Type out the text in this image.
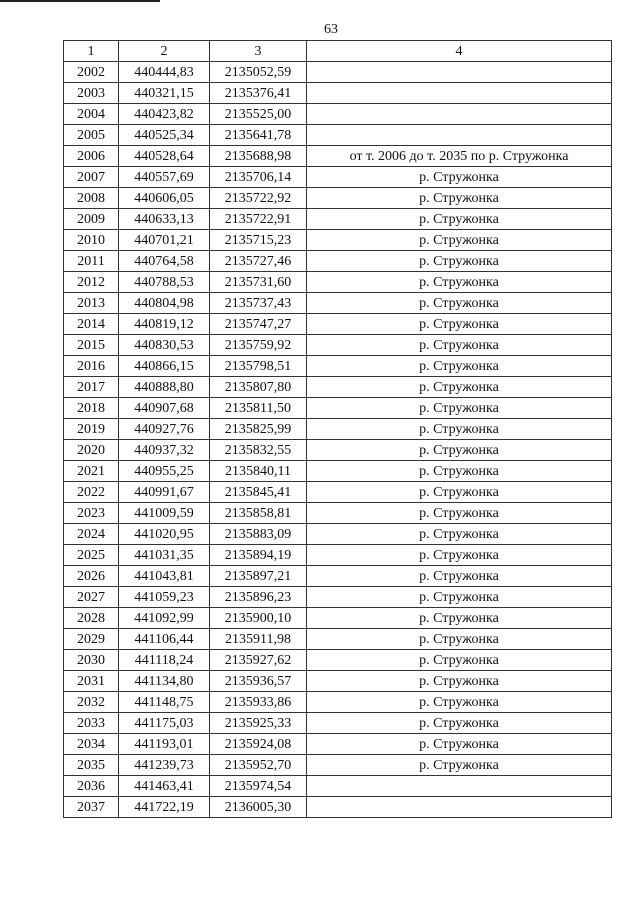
63
1	2	3	4
2002	440444,83	2135052,59	
2003	440321,15	2135376,41	
2004	440423,82	2135525,00	
2005	440525,34	2135641,78	
2006	440528,64	2135688,98	от т. 2006 до т. 2035 по р. Стружонка
2007	440557,69	2135706,14	р. Стружонка
2008	440606,05	2135722,92	р. Стружонка
2009	440633,13	2135722,91	р. Стружонка
2010	440701,21	2135715,23	р. Стружонка
2011	440764,58	2135727,46	р. Стружонка
2012	440788,53	2135731,60	р. Стружонка
2013	440804,98	2135737,43	р. Стружонка
2014	440819,12	2135747,27	р. Стружонка
2015	440830,53	2135759,92	р. Стружонка
2016	440866,15	2135798,51	р. Стружонка
2017	440888,80	2135807,80	р. Стружонка
2018	440907,68	2135811,50	р. Стружонка
2019	440927,76	2135825,99	р. Стружонка
2020	440937,32	2135832,55	р. Стружонка
2021	440955,25	2135840,11	р. Стружонка
2022	440991,67	2135845,41	р. Стружонка
2023	441009,59	2135858,81	р. Стружонка
2024	441020,95	2135883,09	р. Стружонка
2025	441031,35	2135894,19	р. Стружонка
2026	441043,81	2135897,21	р. Стружонка
2027	441059,23	2135896,23	р. Стружонка
2028	441092,99	2135900,10	р. Стружонка
2029	441106,44	2135911,98	р. Стружонка
2030	441118,24	2135927,62	р. Стружонка
2031	441134,80	2135936,57	р. Стружонка
2032	441148,75	2135933,86	р. Стружонка
2033	441175,03	2135925,33	р. Стружонка
2034	441193,01	2135924,08	р. Стружонка
2035	441239,73	2135952,70	р. Стружонка
2036	441463,41	2135974,54	
2037	441722,19	2136005,30	
